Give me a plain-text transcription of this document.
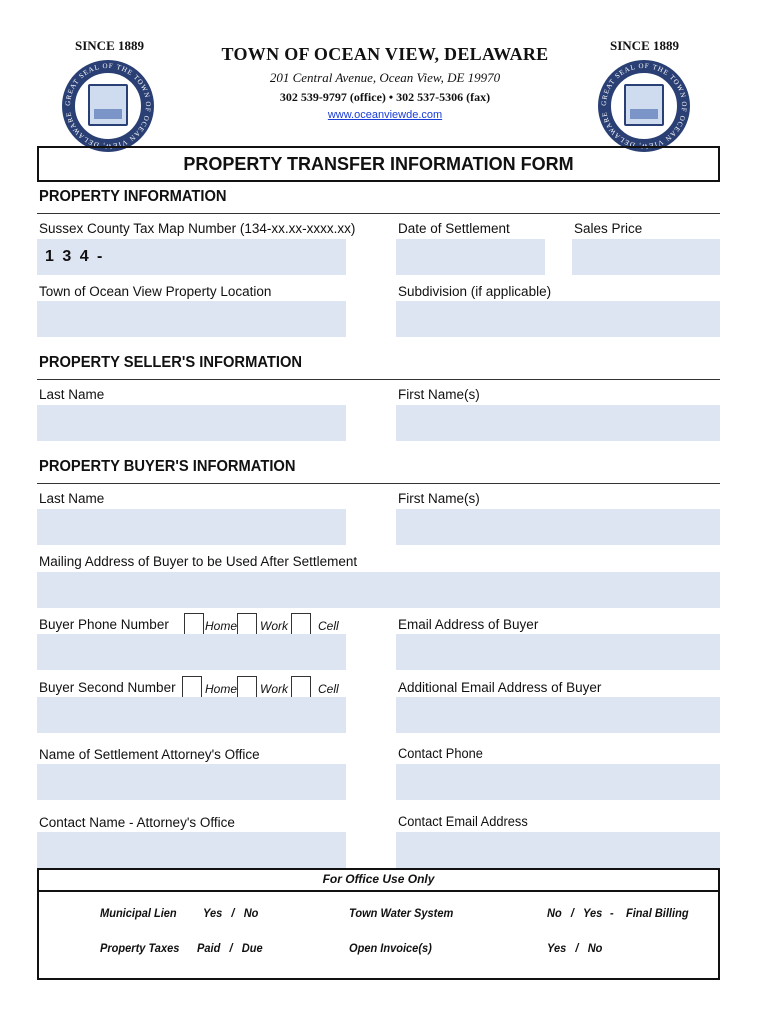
SINCE 1889	SINCE 1889
GREAT SEAL OF THE TOWN OF OCEAN VIEW, DELAWARE
GREAT SEAL OF THE TOWN OF OCEAN VIEW, DELAWARE
TOWN OF OCEAN VIEW, DELAWARE
201 Central Avenue, Ocean View, DE 19970
302 539-9797 (office) • 302 537-5306 (fax)
www.oceanviewde.com
PROPERTY TRANSFER INFORMATION FORM
PROPERTY INFORMATION
Sussex County Tax Map Number (134-xx.xx-xxxx.xx)	Date of Settlement	Sales Price
1 3 4 -
Town of Ocean View Property Location	Subdivision (if applicable)
PROPERTY SELLER'S INFORMATION
Last Name	First Name(s)
PROPERTY BUYER'S INFORMATION
Last Name	First Name(s)
Mailing Address of Buyer to be Used After Settlement
Buyer Phone Number	Home Work	Cell	Email Address of Buyer
Buyer Second Number Home Work	Cell	Additional Email Address of Buyer
Name of Settlement Attorney's Office	Contact Phone
Contact Name - Attorney's Office	Contact Email Address
For Office Use Only
Municipal Lien Yes   /   No	Town Water System	No   /   Yes - Final Billing
Property Taxes Paid   /   Due	Open Invoice(s)	Yes   /   No
